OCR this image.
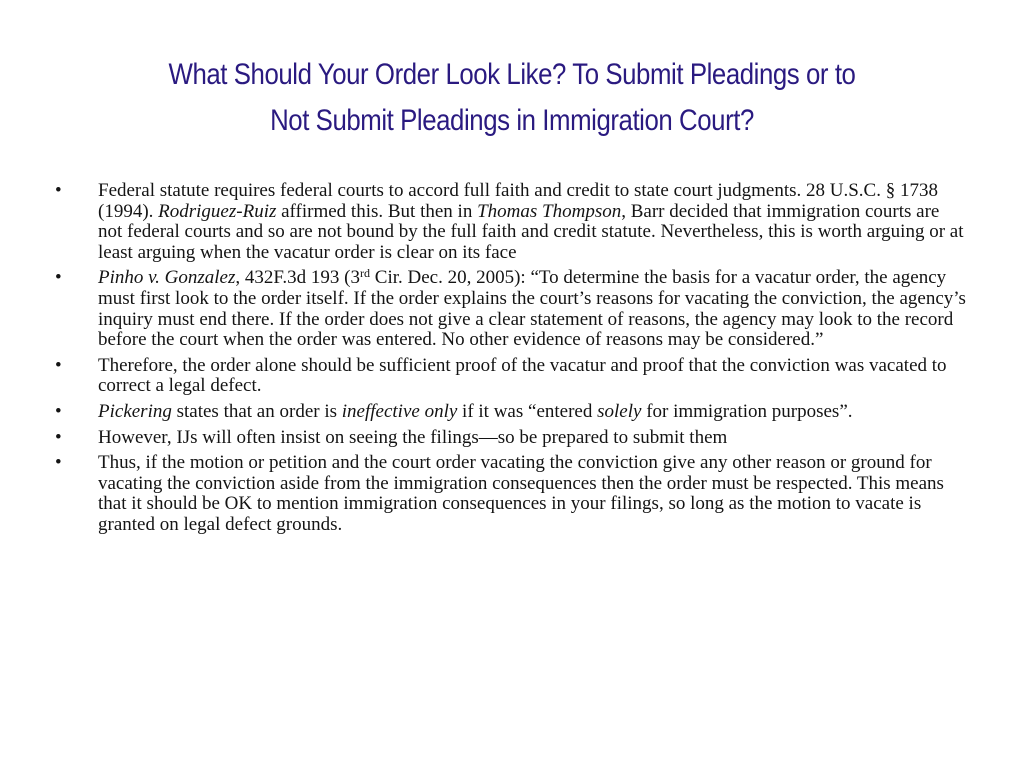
What Should Your Order Look Like? To Submit Pleadings or to
Not Submit Pleadings in Immigration Court?
•	Federal statute requires federal courts to accord full faith and credit to state court judgments. 28 U.S.C. § 1738 (1994). Rodriguez-Ruiz affirmed this. But then in Thomas Thompson, Barr decided that immigration courts are not federal courts and so are not bound by the full faith and credit statute. Nevertheless, this is worth arguing or at least arguing when the vacatur order is clear on its face
•	Pinho v. Gonzalez, 432F.3d 193 (3rd Cir. Dec. 20, 2005): “To determine the basis for a vacatur order, the agency must first look to the order itself. If the order explains the court’s reasons for vacating the conviction, the agency’s inquiry must end there. If the order does not give a clear statement of reasons, the agency may look to the record before the court when the order was entered. No other evidence of reasons may be considered.”
•	Therefore, the order alone should be sufficient proof of the vacatur and proof that the conviction was vacated to correct a legal defect.
•	Pickering states that an order is ineffective only if it was “entered solely for immigration purposes”.
•	However, IJs will often insist on seeing the filings—so be prepared to submit them
•	Thus, if the motion or petition and the court order vacating the conviction give any other reason or ground for vacating the conviction aside from the immigration consequences then the order must be respected. This means that it should be OK to mention immigration consequences in your filings, so long as the motion to vacate is granted on legal defect grounds.
